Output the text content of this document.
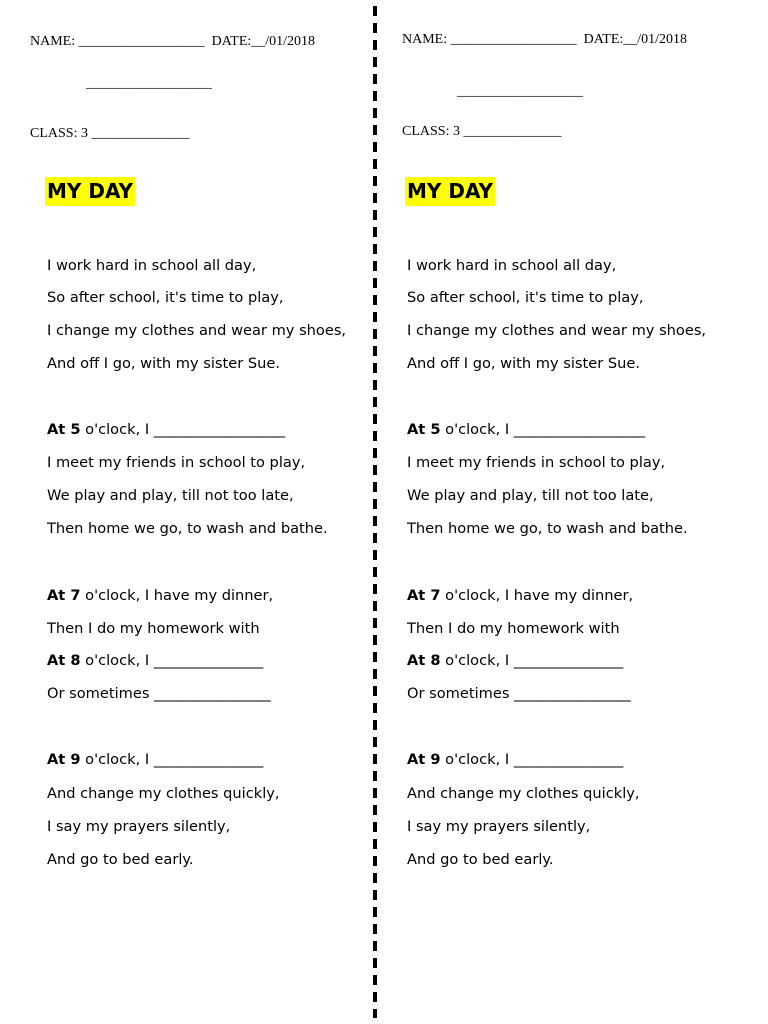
NAME: __________________  DATE:__/01/2018
__________________
CLASS: 3 ______________
MY DAY
I work hard in school all day,
So after school, it's time to play,
I change my clothes and wear my shoes,
And off I go, with my sister Sue.
At 5 o'clock, I __________________
I meet my friends in school to play,
We play and play, till not too late,
Then home we go, to wash and bathe.
At 7 o'clock, I have my dinner,
Then I do my homework with
At 8 o'clock, I _______________
Or sometimes ________________
At 9 o'clock, I _______________
And change my clothes quickly,
I say my prayers silently,
And go to bed early.
NAME: __________________  DATE:__/01/2018
__________________
CLASS: 3 ______________
MY DAY
I work hard in school all day,
So after school, it's time to play,
I change my clothes and wear my shoes,
And off I go, with my sister Sue.
At 5 o'clock, I __________________
I meet my friends in school to play,
We play and play, till not too late,
Then home we go, to wash and bathe.
At 7 o'clock, I have my dinner,
Then I do my homework with
At 8 o'clock, I _______________
Or sometimes ________________
At 9 o'clock, I _______________
And change my clothes quickly,
I say my prayers silently,
And go to bed early.
